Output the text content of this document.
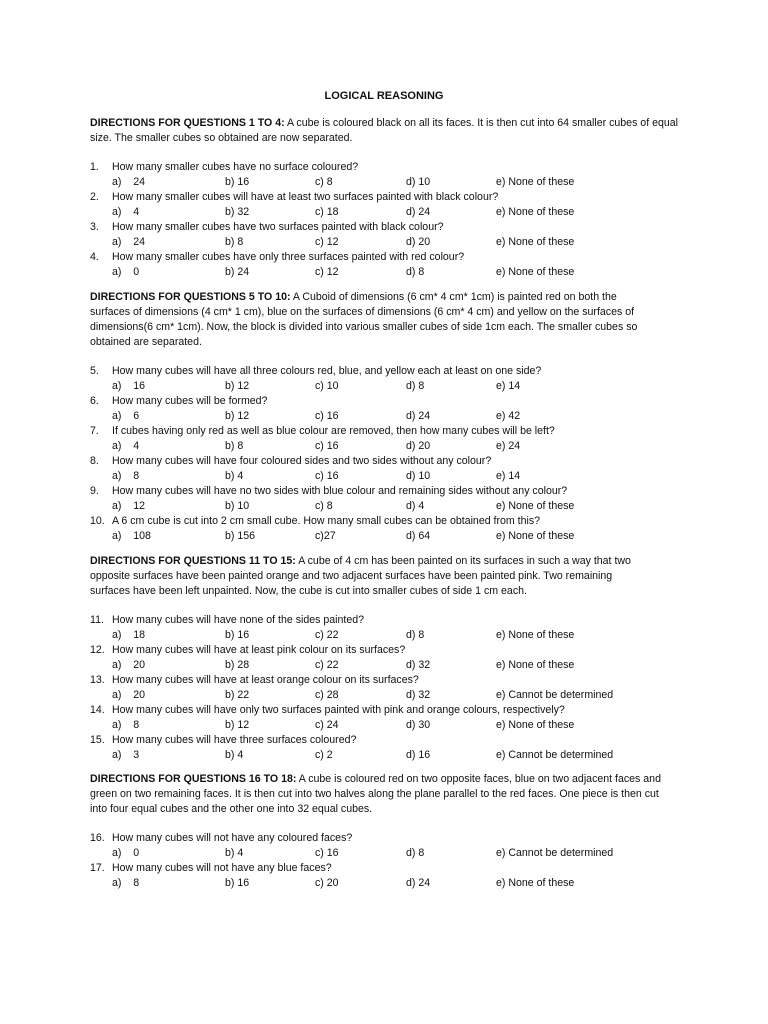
LOGICAL REASONING

DIRECTIONS FOR QUESTIONS 1 TO 4: A cube is coloured black on all its faces. It is then cut into 64 smaller cubes of equal size. The smaller cubes so obtained are now separated.

1. How many smaller cubes have no surface coloured?
a)    24	b) 16	c) 8	d) 10	e) None of these
2. How many smaller cubes will have at least two surfaces painted with black colour?
a)    4	b) 32	c) 18	d) 24	e) None of these
3. How many smaller cubes have two surfaces painted with black colour?
a)    24	b) 8	c) 12	d) 20	e) None of these
4. How many smaller cubes have only three surfaces painted with red colour?
a)    0	b) 24	c) 12	d) 8	e) None of these

DIRECTIONS FOR QUESTIONS 5 TO 10: A Cuboid of dimensions (6 cm* 4 cm* 1cm) is painted red on both the surfaces of dimensions (4 cm* 1 cm), blue on the surfaces of dimensions (6 cm* 4 cm) and yellow on the surfaces of dimensions(6 cm* 1cm). Now, the block is divided into various smaller cubes of side 1cm each. The smaller cubes so obtained are separated.

5. How many cubes will have all three colours red, blue, and yellow each at least on one side?
a)    16	b) 12	c) 10	d) 8	e) 14
6. How many cubes will be formed?
a)    6	b) 12	c) 16	d) 24	e) 42
7. If cubes having only red as well as blue colour are removed, then how many cubes will be left?
a)    4	b) 8	c) 16	d) 20	e) 24
8. How many cubes will have four coloured sides and two sides without any colour?
a)    8	b) 4	c) 16	d) 10	e) 14
9. How many cubes will have no two sides with blue colour and remaining sides without any colour?
a)    12	b) 10	c) 8	d) 4	e) None of these
10. A 6 cm cube is cut into 2 cm small cube. How many small cubes can be obtained from this?
a)    108	b) 156	c)27	d) 64	e) None of these

DIRECTIONS FOR QUESTIONS 11 TO 15: A cube of 4 cm has been painted on its surfaces in such a way that two opposite surfaces have been painted orange and two adjacent surfaces have been painted pink. Two remaining surfaces have been left unpainted. Now, the cube is cut into smaller cubes of side 1 cm each.

11. How many cubes will have none of the sides painted?
a)    18	b) 16	c) 22	d) 8	e) None of these
12. How many cubes will have at least pink colour on its surfaces?
a)    20	b) 28	c) 22	d) 32	e) None of these
13. How many cubes will have at least orange colour on its surfaces?
a)    20	b) 22	c) 28	d) 32	e) Cannot be determined
14. How many cubes will have only two surfaces painted with pink and orange colours, respectively?
a)    8	b) 12	c) 24	d) 30	e) None of these
15. How many cubes will have three surfaces coloured?
a)    3	b) 4	c) 2	d) 16	e) Cannot be determined

DIRECTIONS FOR QUESTIONS 16 TO 18: A cube is coloured red on two opposite faces, blue on two adjacent faces and green on two remaining faces. It is then cut into two halves along the plane parallel to the red faces. One piece is then cut into four equal cubes and the other one into 32 equal cubes.

16. How many cubes will not have any coloured faces?
a)    0	b) 4	c) 16	d) 8	e) Cannot be determined
17. How many cubes will not have any blue faces?
a)    8	b) 16	c) 20	d) 24	e) None of these
